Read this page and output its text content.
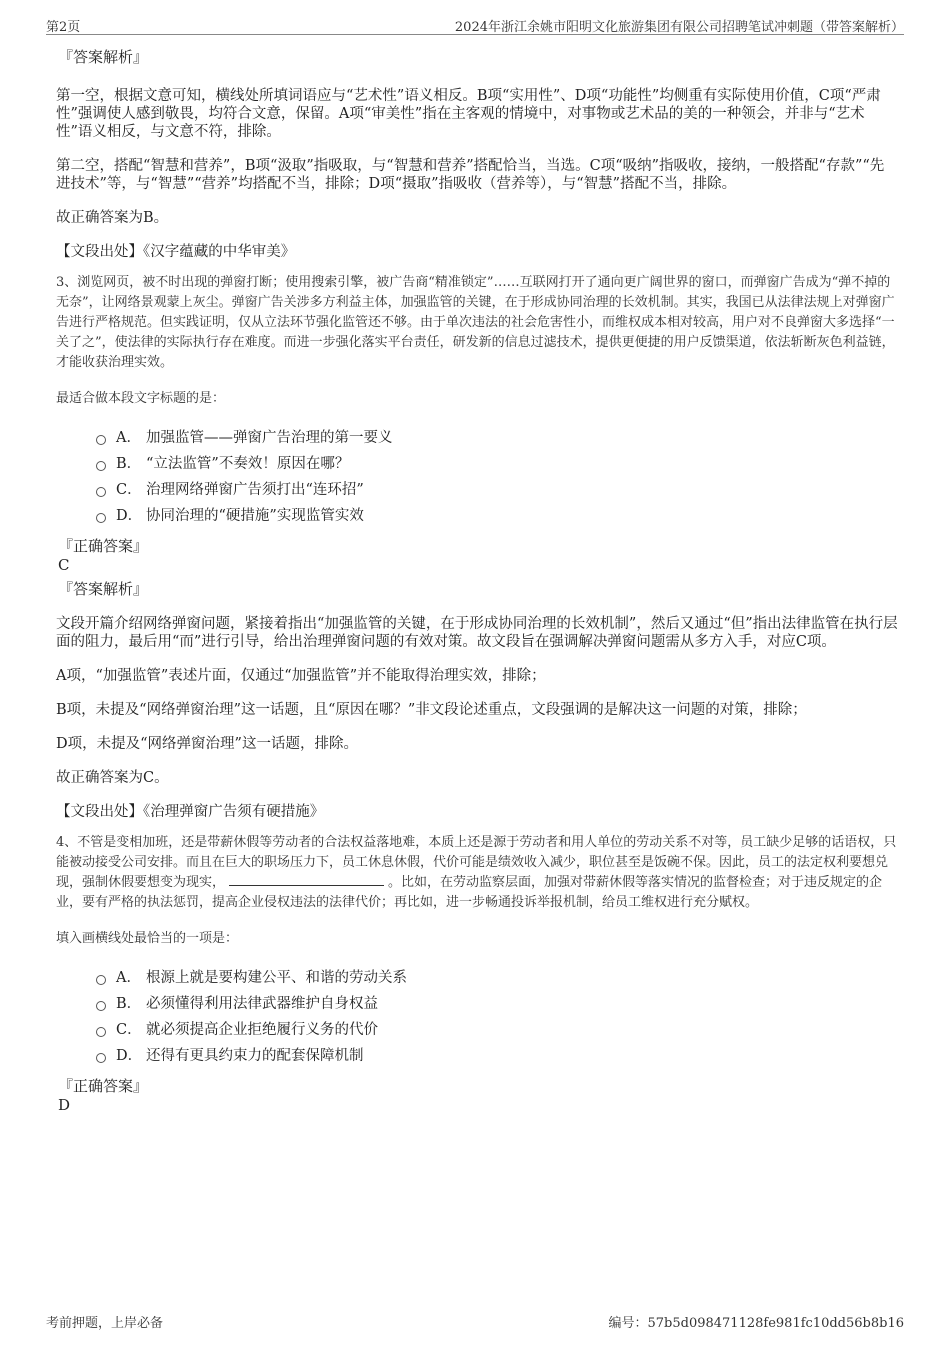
第2页	2024年浙江余姚市阳明文化旅游集团有限公司招聘笔试冲刺题（带答案解析）
『答案解析』

第一空，根据文意可知，横线处所填词语应与“艺术性”语义相反。B项“实用性”、D项“功能性”均侧重有实际使用价值，C项“严肃性”强调使人感到敬畏，均符合文意，保留。A项“审美性”指在主客观的情境中，对事物或艺术品的美的一种领会，并非与“艺术性”语义相反，与文意不符，排除。

第二空，搭配“智慧和营养”，B项“汲取”指吸取，与“智慧和营养”搭配恰当，当选。C项“吸纳”指吸收，接纳，一般搭配“存款”“先进技术”等，与“智慧”“营养”均搭配不当，排除；D项“摄取”指吸收（营养等），与“智慧”搭配不当，排除。

故正确答案为B。

【文段出处】《汉字蕴藏的中华审美》

3、浏览网页，被不时出现的弹窗打断；使用搜索引擎，被广告商“精准锁定”……互联网打开了通向更广阔世界的窗口，而弹窗广告成为“弹不掉的无奈”，让网络景观蒙上灰尘。弹窗广告关涉多方利益主体，加强监管的关键，在于形成协同治理的长效机制。其实，我国已从法律法规上对弹窗广告进行严格规范。但实践证明，仅从立法环节强化监管还不够。由于单次违法的社会危害性小，而维权成本相对较高，用户对不良弹窗大多选择“一关了之”，使法律的实际执行存在难度。而进一步强化落实平台责任，研发新的信息过滤技术，提供更便捷的用户反馈渠道，依法斩断灰色利益链，才能收获治理实效。

最适合做本段文字标题的是：

A． 加强监管——弹窗广告治理的第一要义
B． “立法监管”不奏效！原因在哪？
C． 治理网络弹窗广告须打出“连环招”
D． 协同治理的“硬措施”实现监管实效
『正确答案』
C
『答案解析』

文段开篇介绍网络弹窗问题，紧接着指出“加强监管的关键，在于形成协同治理的长效机制”，然后又通过“但”指出法律监管在执行层面的阻力，最后用“而”进行引导，给出治理弹窗问题的有效对策。故文段旨在强调解决弹窗问题需从多方入手，对应C项。

A项，“加强监管”表述片面，仅通过“加强监管”并不能取得治理实效，排除；

B项，未提及“网络弹窗治理”这一话题，且“原因在哪？”非文段论述重点，文段强调的是解决这一问题的对策，排除；

D项，未提及“网络弹窗治理”这一话题，排除。

故正确答案为C。

【文段出处】《治理弹窗广告须有硬措施》

4、不管是变相加班，还是带薪休假等劳动者的合法权益落地难，本质上还是源于劳动者和用人单位的劳动关系不对等，员工缺少足够的话语权，只能被动接受公司安排。而且在巨大的职场压力下，员工休息休假，代价可能是绩效收入减少，职位甚至是饭碗不保。因此，员工的法定权利要想兑现，强制休假要想变为现实，	。比如，在劳动监察层面，加强对带薪休假等落实情况的监督检查；对于违反规定的企业，要有严格的执法惩罚，提高企业侵权违法的法律代价；再比如，进一步畅通投诉举报机制，给员工维权进行充分赋权。

填入画横线处最恰当的一项是：

A． 根源上就是要构建公平、和谐的劳动关系
B． 必须懂得利用法律武器维护自身权益
C． 就必须提高企业拒绝履行义务的代价
D． 还得有更具约束力的配套保障机制
『正确答案』
D
考前押题，上岸必备	编号：57b5d098471128fe981fc10dd56b8b16
